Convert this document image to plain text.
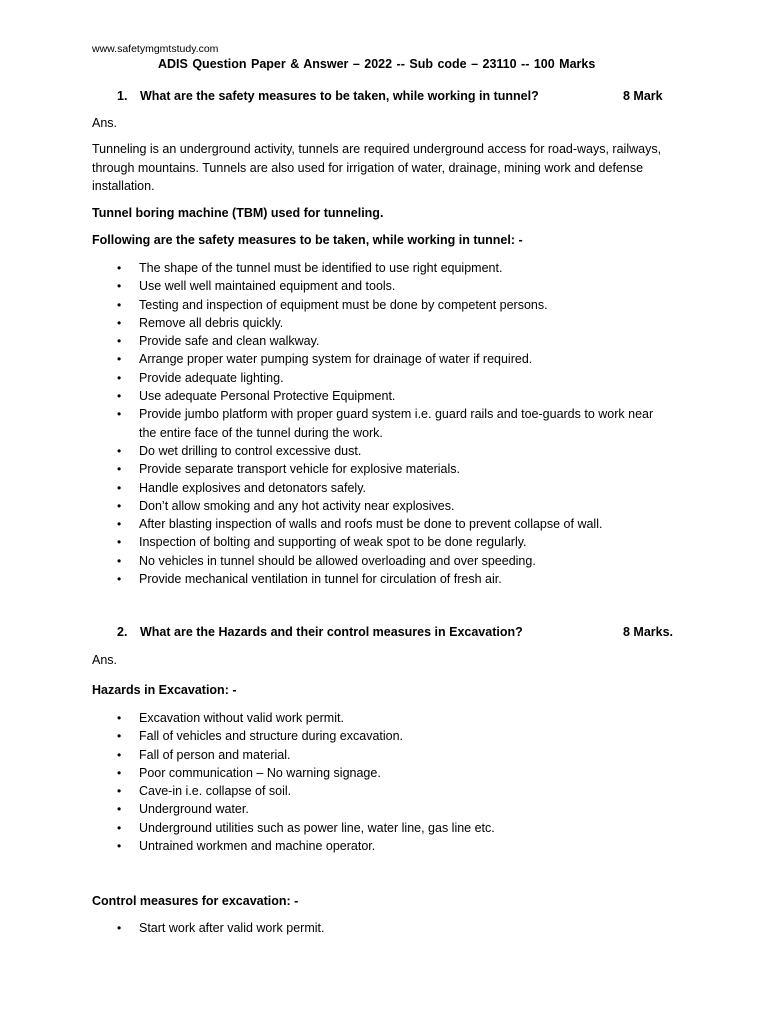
www.safetymgmtstudy.com
ADIS Question Paper & Answer – 2022 -- Sub code – 23110 -- 100 Marks
1. What are the safety measures to be taken, while working in tunnel?	8 Mark
Ans.
Tunneling is an underground activity, tunnels are required underground access for road-ways, railways, through mountains. Tunnels are also used for irrigation of water, drainage, mining work and defense installation.
Tunnel boring machine (TBM) used for tunneling.
Following are the safety measures to be taken, while working in tunnel: -
• The shape of the tunnel must be identified to use right equipment.
• Use well well maintained equipment and tools.
• Testing and inspection of equipment must be done by competent persons.
• Remove all debris quickly.
• Provide safe and clean walkway.
• Arrange proper water pumping system for drainage of water if required.
• Provide adequate lighting.
• Use adequate Personal Protective Equipment.
• Provide jumbo platform with proper guard system i.e. guard rails and toe-guards to work near the entire face of the tunnel during the work.
• Do wet drilling to control excessive dust.
• Provide separate transport vehicle for explosive materials.
• Handle explosives and detonators safely.
• Don’t allow smoking and any hot activity near explosives.
• After blasting inspection of walls and roofs must be done to prevent collapse of wall.
• Inspection of bolting and supporting of weak spot to be done regularly.
• No vehicles in tunnel should be allowed overloading and over speeding.
• Provide mechanical ventilation in tunnel for circulation of fresh air.
2. What are the Hazards and their control measures in Excavation?	8 Marks.
Ans.
Hazards in Excavation: -
• Excavation without valid work permit.
• Fall of vehicles and structure during excavation.
• Fall of person and material.
• Poor communication – No warning signage.
• Cave-in i.e. collapse of soil.
• Underground water.
• Underground utilities such as power line, water line, gas line etc.
• Untrained workmen and machine operator.
Control measures for excavation: -
• Start work after valid work permit.
